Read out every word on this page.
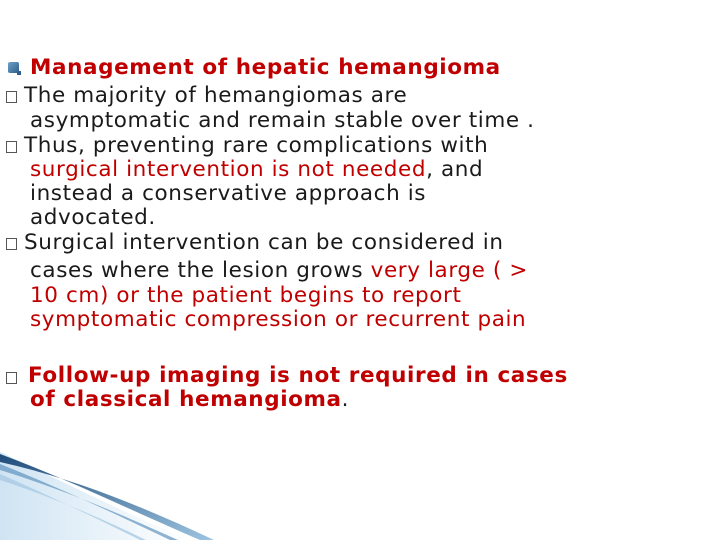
Management of hepatic hemangioma
The majority of hemangiomas are
asymptomatic and remain stable over time .
Thus, preventing rare complications with
surgical intervention is not needed, and
instead a conservative approach is
advocated.
Surgical intervention can be considered in
cases where the lesion grows very large ( >
10 cm) or the patient begins to report
symptomatic compression or recurrent pain
Follow-up imaging is not required in cases
of classical hemangioma.
